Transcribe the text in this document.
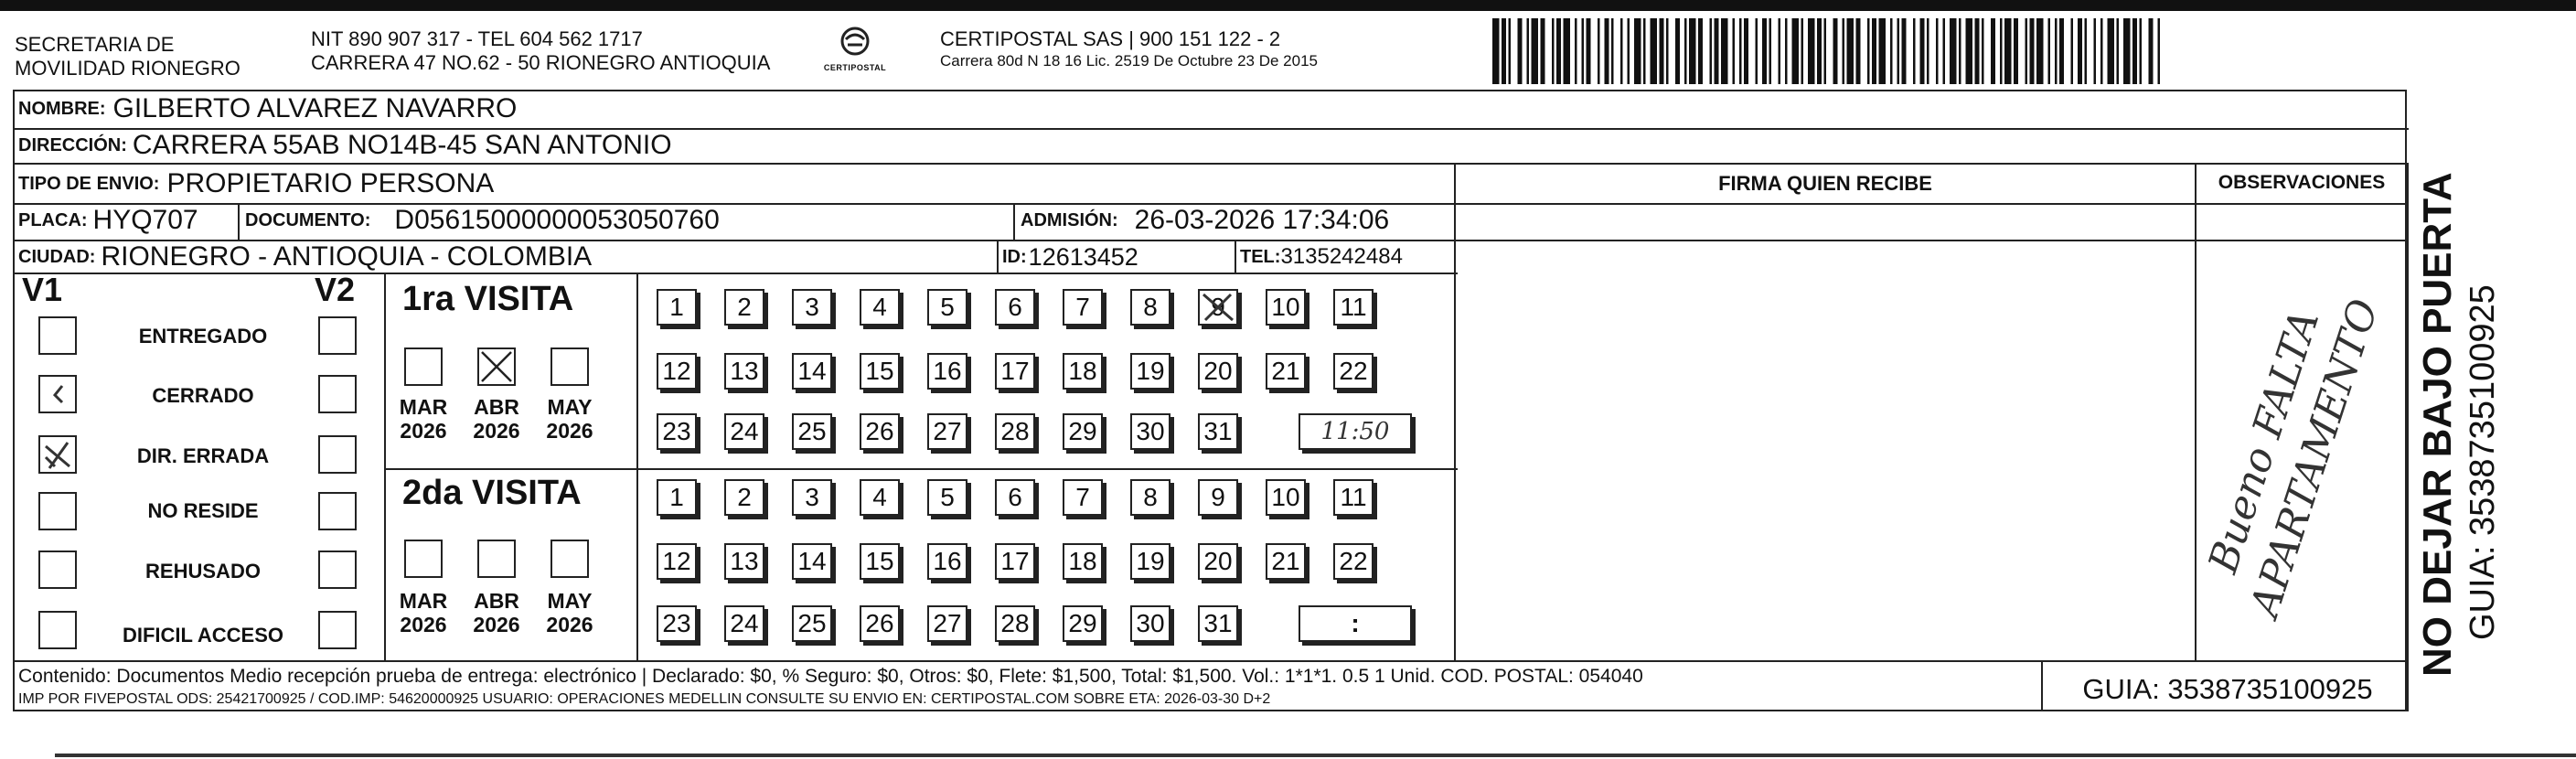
SECRETARIA DE
MOVILIDAD RIONEGRO
NIT 890 907 317 - TEL 604 562 1717
CARRERA 47 NO.62 - 50 RIONEGRO ANTIOQUIA	CERTIPOSTAL
CERTIPOSTAL SAS | 900 151 122 - 2
Carrera 80d N 18 16 Lic. 2519 De Octubre 23 De 2015
NOMBRE: GILBERTO ALVAREZ NAVARRO
DIRECCIÓN: CARRERA 55AB NO14B-45 SAN ANTONIO
TIPO DE ENVIO: PROPIETARIO PERSONA
PLACA: HYQ707	DOCUMENTO: D05615000000053050760	ADMISIÓN: 26-03-2026 17:34:06
CIUDAD: RIONEGRO - ANTIOQUIA - COLOMBIA	ID: 12613452	TEL: 3135242484
FIRMA QUIEN RECIBE	OBSERVACIONES
Bueno FALTA APARTAMENTO NO DEJAR BAJO PUERTA GUIA: 3538735100925
V1	V2
ENTREGADO
CERRADO
DIR. ERRADA
NO RESIDE
REHUSADO
DIFICIL ACCESO
1ra VISITA
MAR
2026
ABR
2026
MAY
2026
2da VISITA
MAR
2026
ABR
2026
MAY
2026
1 2 3 4 5 6 7 8 9 10 11
12 13 14 15 16 17 18 19 20 21 22
23 24 25 26 27 28 29 30 31
1 2 3 4 5 6 7 8 9 10 11
12 13 14 15 16 17 18 19 20 21 22
23 24 25 26 27 28 29 30 31
11:50
:
Contenido: Documentos Medio recepción prueba de entrega: electrónico | Declarado: $0, % Seguro: $0, Otros: $0, Flete: $1,500, Total: $1,500. Vol.: 1*1*1. 0.5 1 Unid. COD. POSTAL: 054040
IMP POR FIVEPOSTAL ODS: 25421700925 / COD.IMP: 54620000925 USUARIO: OPERACIONES MEDELLIN CONSULTE SU ENVIO EN: CERTIPOSTAL.COM SOBRE ETA: 2026-03-30 D+2	GUIA: 3538735100925
